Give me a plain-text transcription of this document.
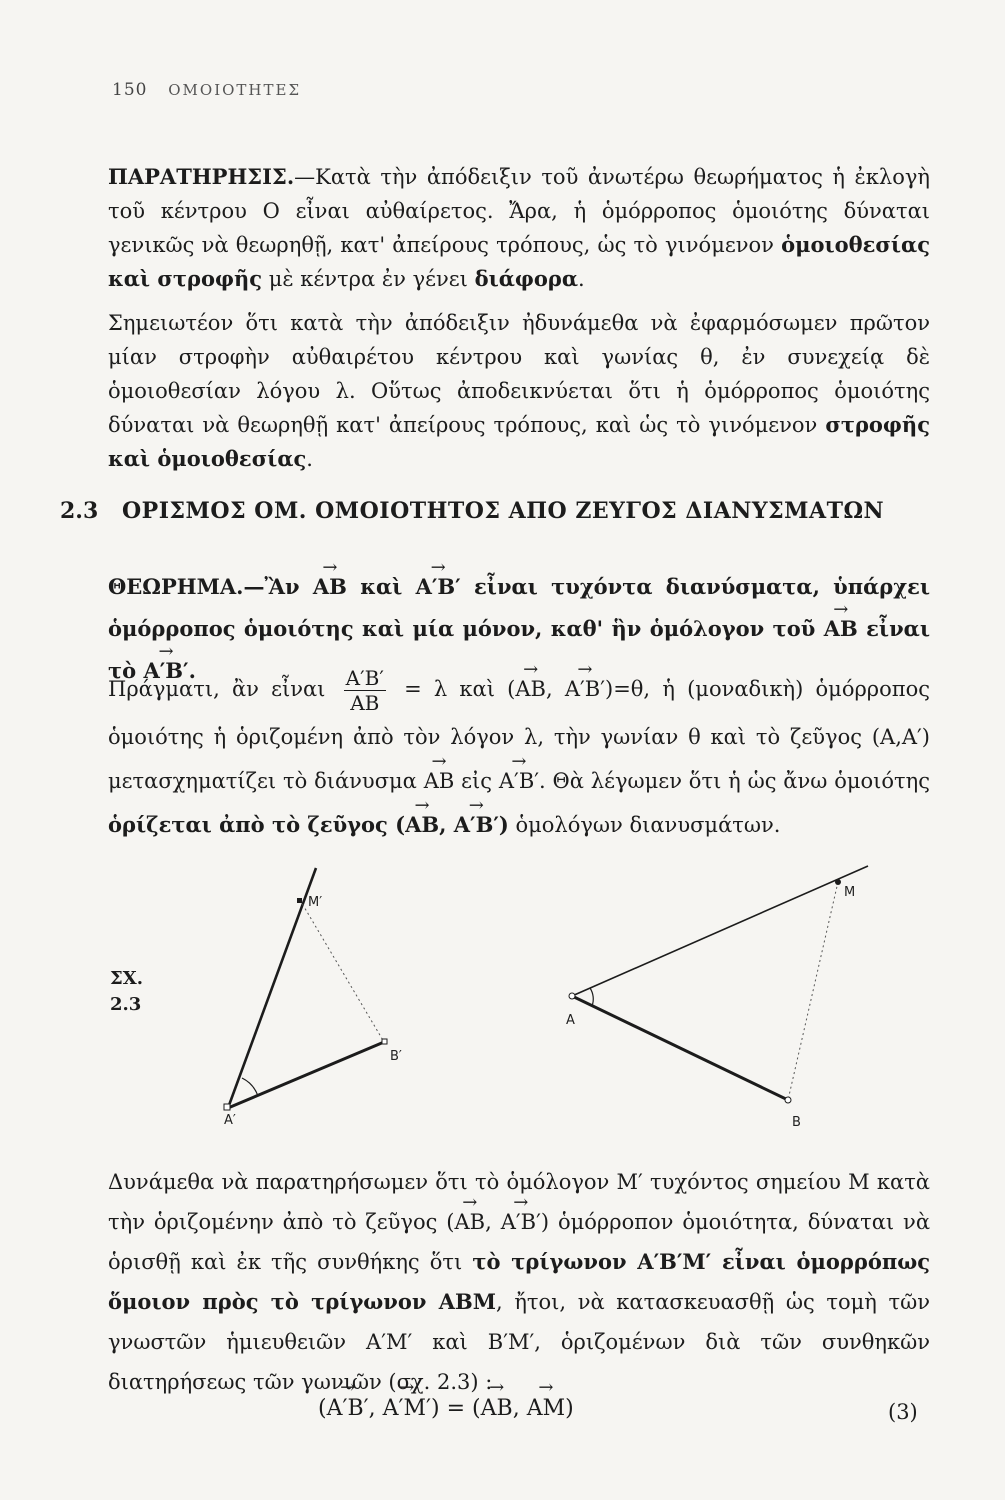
150 ΟΜΟΙΟΤΗΤΕΣ

ΠΑΡΑΤΗΡΗΣΙΣ.—Κατὰ τὴν ἀπόδειξιν τοῦ ἀνωτέρω θεωρήματος ἡ ἐκλογὴ τοῦ κέντρου Ο εἶναι αὐθαίρετος. Ἄρα, ἡ ὁμόρροπος ὁμοιότης δύναται γενικῶς νὰ θεωρηθῇ, κατ' ἀπείρους τρόπους, ὡς τὸ γινόμενον ὁμοιοθεσίας καὶ στροφῆς μὲ κέντρα ἐν γένει διάφορα.

Σημειωτέον ὅτι κατὰ τὴν ἀπόδειξιν ἠδυνάμεθα νὰ ἐφαρμόσωμεν πρῶτον μίαν στροφὴν αὐθαιρέτου κέντρου καὶ γωνίας θ, ἐν συνεχείᾳ δὲ ὁμοιοθεσίαν λόγου λ. Οὕτως ἀποδεικνύεται ὅτι ἡ ὁμόρροπος ὁμοιότης δύναται νὰ θεωρηθῇ κατ' ἀπείρους τρόπους, καὶ ὡς τὸ γινόμενον στροφῆς καὶ ὁμοιοθεσίας.

2.3 ΟΡΙΣΜΟΣ ΟΜ. ΟΜΟΙΟΤΗΤΟΣ ΑΠΟ ΖΕΥΓΟΣ ΔΙΑΝΥΣΜΑΤΩΝ

ΘΕΩΡΗΜΑ.—Ἂν → AB καὶ → A′B′ εἶναι τυχόντα διανύσματα, ὑπάρχει ὁμόρροπος ὁμοιότης καὶ μία μόνον, καθ' ἣν ὁμόλογον τοῦ → AB εἶναι τὸ → A′B′.

Πράγματι, ἂν εἶναι $\frac{A'B'}{AB} = \lambda$ καὶ (→ AB, → A′B′)=θ, ἡ (μοναδικὴ) ὁμόρροπος ὁμοιότης ἡ ὁριζομένη ἀπὸ τὸν λόγον λ, τὴν γωνίαν θ καὶ τὸ ζεῦγος (A,A′) μετασχηματίζει τὸ διάνυσμα → AB εἰς → A′B′. Θὰ λέγωμεν ὅτι ἡ ὡς ἄνω ὁμοιότης ὁρίζεται ἀπὸ τὸ ζεῦγος (→ AB, → A′B′) ὁμολόγων διανυσμάτων.

ΣΧ.
2.3
M′
B′
A′
M
A
B

Δυνάμεθα νὰ παρατηρήσωμεν ὅτι τὸ ὁμόλογον M′ τυχόντος σημείου M κατὰ τὴν ὁριζομένην ἀπὸ τὸ ζεῦγος (→ AB, → A′B′) ὁμόρροπον ὁμοιότητα, δύναται νὰ ὁρισθῇ καὶ ἐκ τῆς συνθήκης ὅτι τὸ τρίγωνον A′B′M′ εἶναι ὁμορρόπως ὅμοιον πρὸς τὸ τρίγωνον ABM, ἤτοι, νὰ κατασκευασθῇ ὡς τομὴ τῶν γνωστῶν ἡμιευθειῶν A′M′ καὶ B′M′, ὁριζομένων διὰ τῶν συνθηκῶν διατηρήσεως τῶν γωνιῶν (σχ. 2.3) :

(→ A′B′, → A′M′) = (→ AB, → AM)	(3)
